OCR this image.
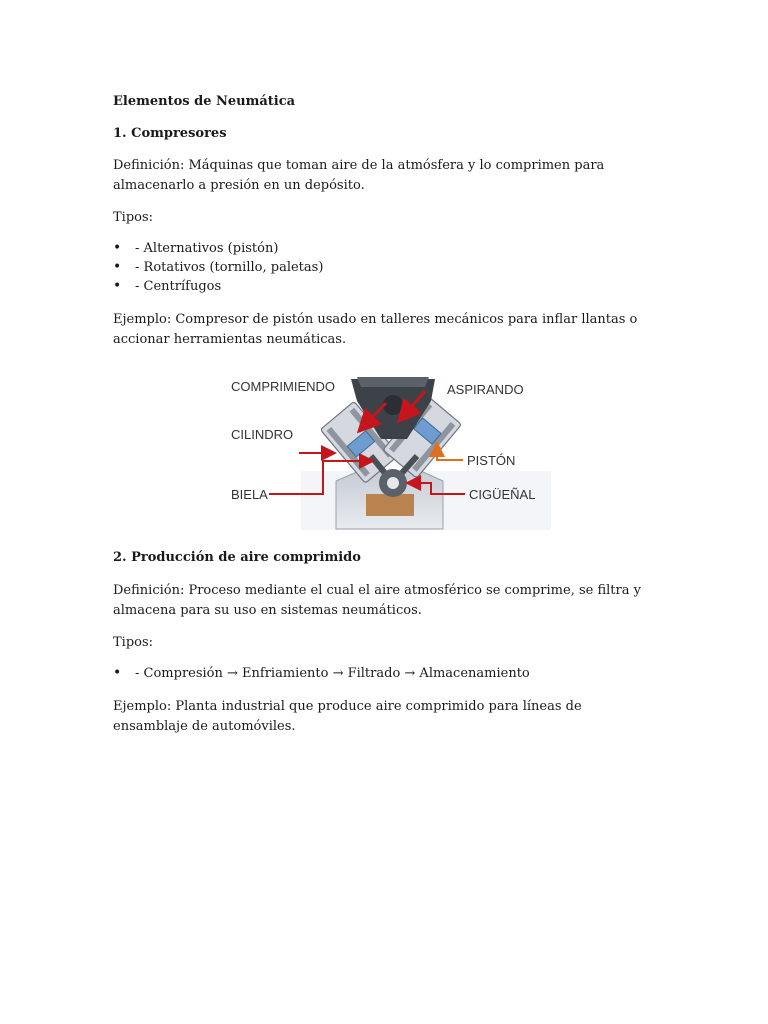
Elementos de Neumática
1. Compresores
Definición: Máquinas que toman aire de la atmósfera y lo comprimen para almacenarlo a presión en un depósito.
Tipos:
• - Alternativos (pistón)
• - Rotativos (tornillo, paletas)
• - Centrífugos
Ejemplo: Compresor de pistón usado en talleres mecánicos para inflar llantas o accionar herramientas neumáticas.
COMPRIMIENDO	ASPIRANDO
CILINDRO
PISTÓN
BIELA	CIGÜEÑAL
2. Producción de aire comprimido
Definición: Proceso mediante el cual el aire atmosférico se comprime, se filtra y almacena para su uso en sistemas neumáticos.
Tipos:
• - Compresión → Enfriamiento → Filtrado → Almacenamiento
Ejemplo: Planta industrial que produce aire comprimido para líneas de ensamblaje de automóviles.
